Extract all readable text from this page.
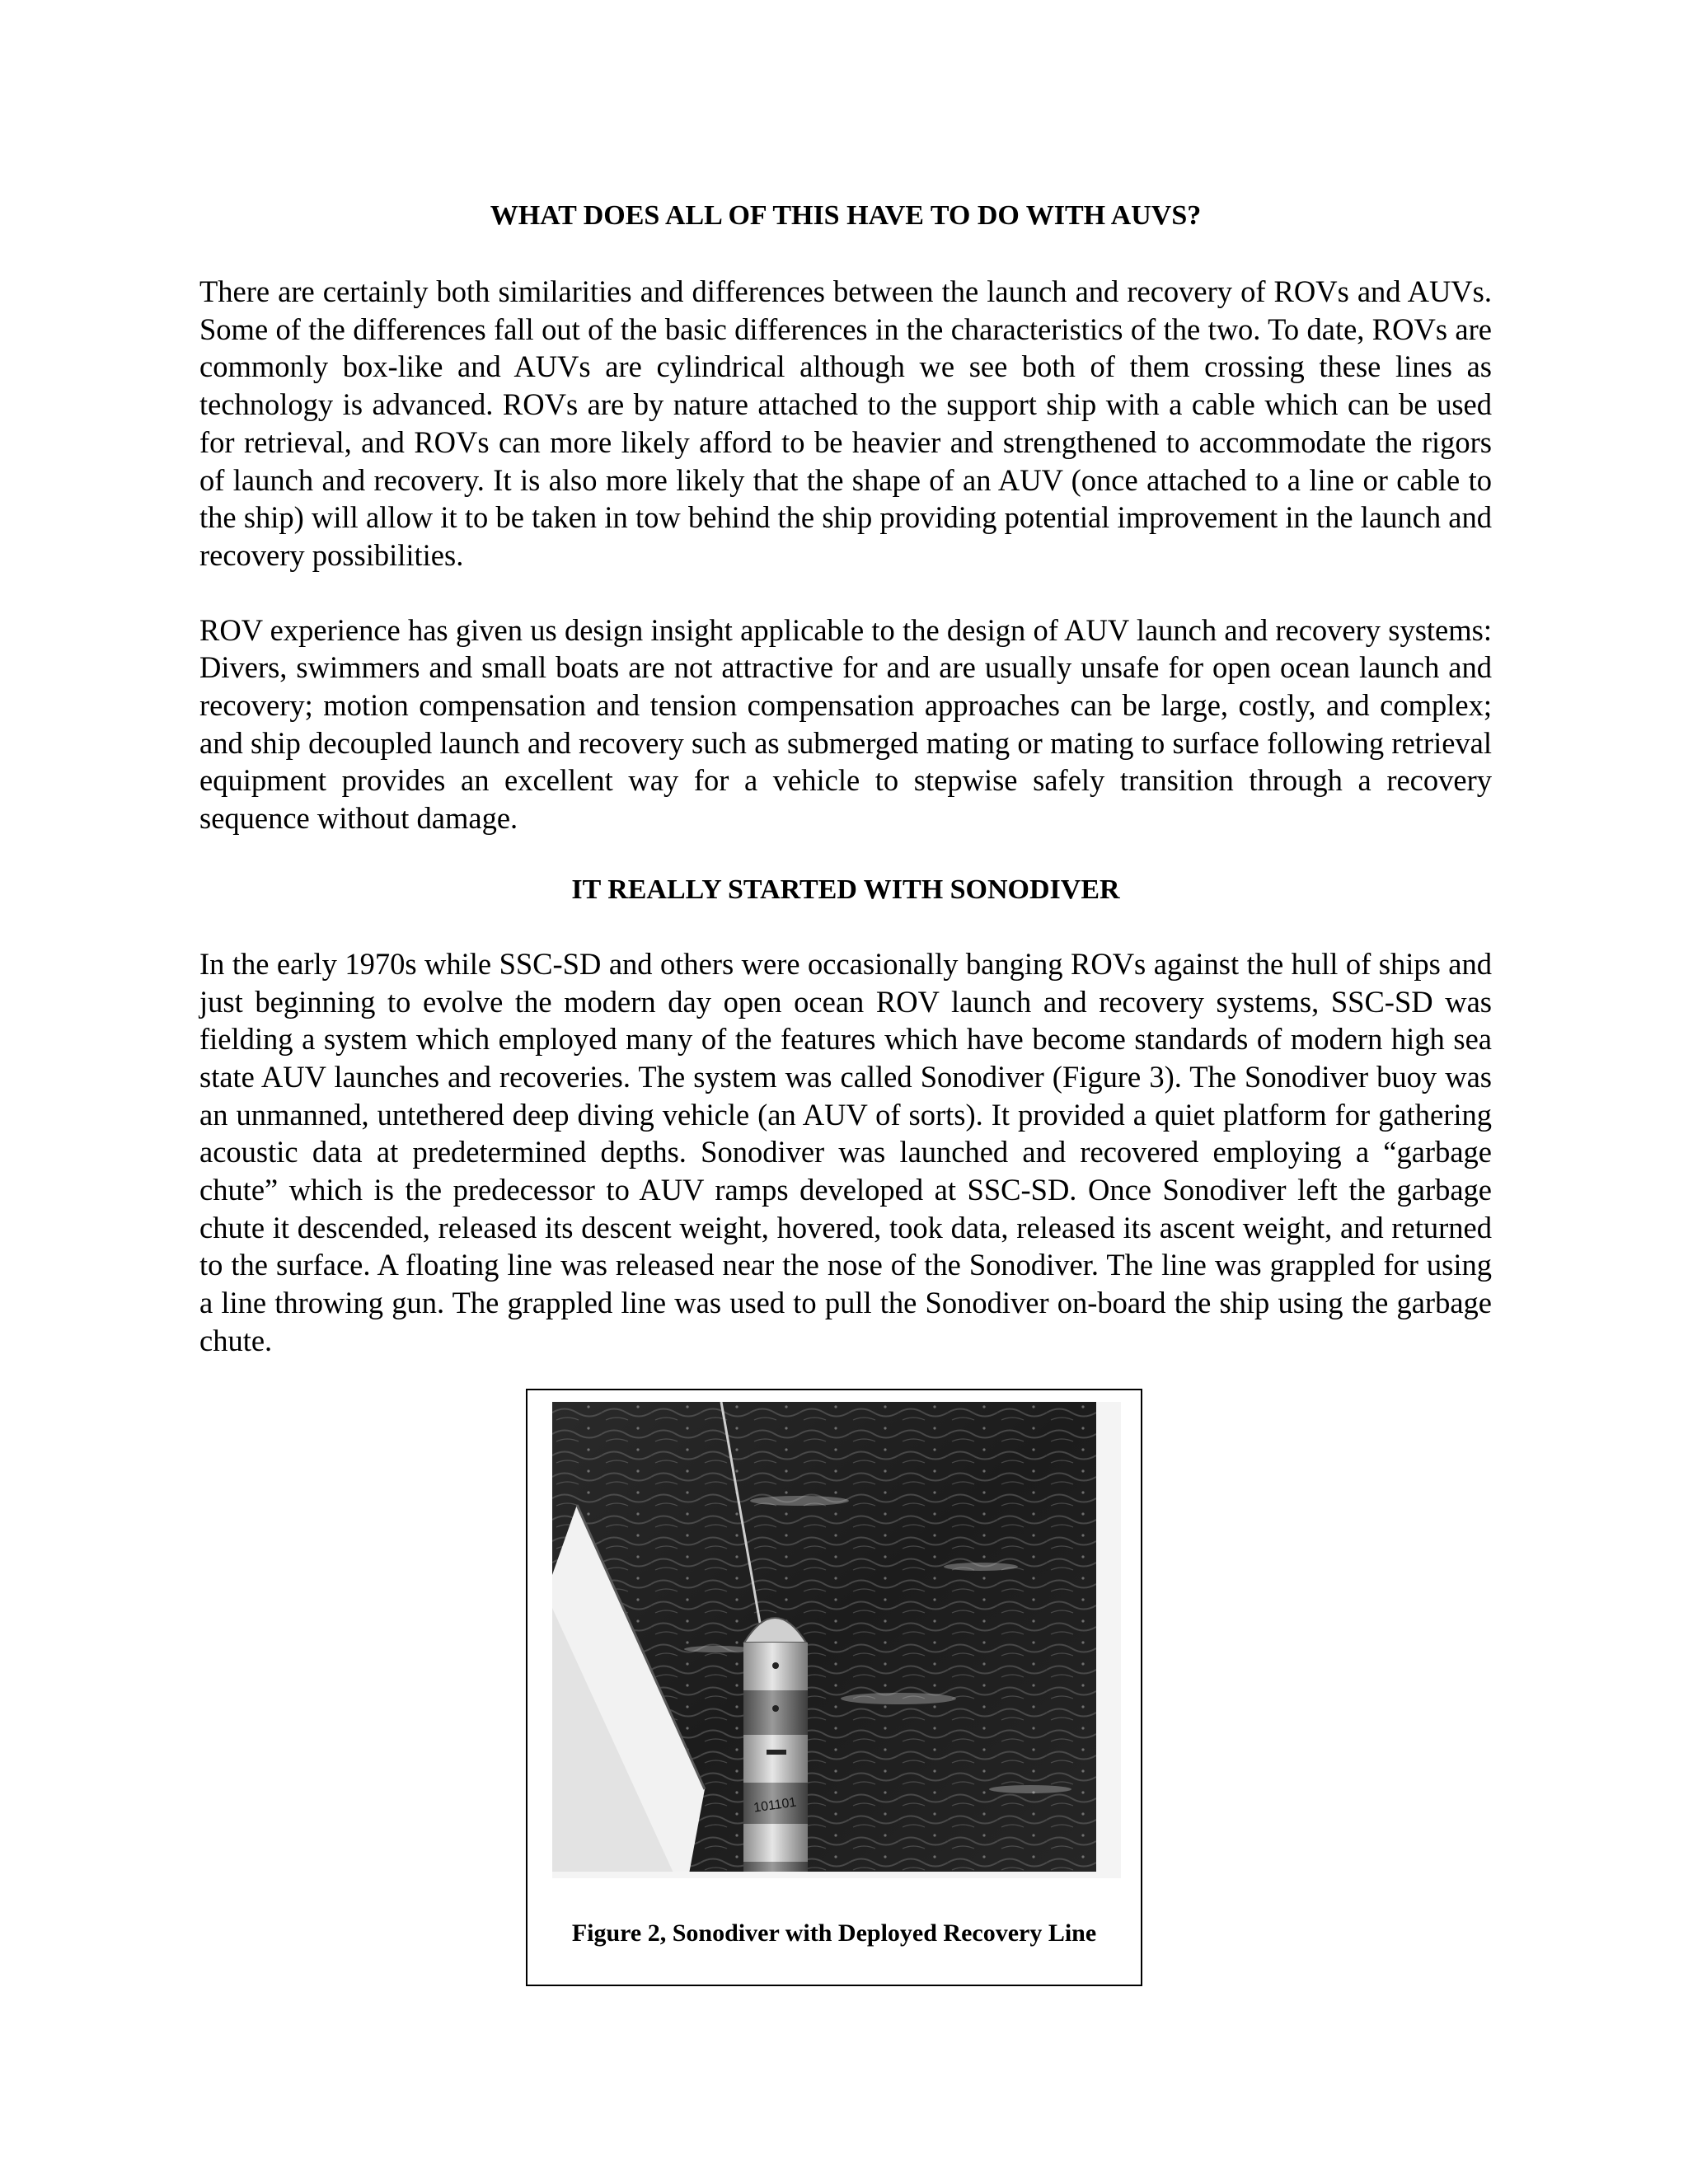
WHAT DOES ALL OF THIS HAVE TO DO WITH AUVS?

There are certainly both similarities and differences between the launch and recovery of ROVs and AUVs. Some of the differences fall out of the basic differences in the characteristics of the two. To date, ROVs are commonly box-like and AUVs are cylindrical although we see both of them crossing these lines as technology is advanced. ROVs are by nature attached to the support ship with a cable which can be used for retrieval, and ROVs can more likely afford to be heavier and strengthened to accommodate the rigors of launch and recovery. It is also more likely that the shape of an AUV (once attached to a line or cable to the ship) will allow it to be taken in tow behind the ship providing potential improvement in the launch and recovery possibilities.

ROV experience has given us design insight applicable to the design of AUV launch and recovery systems: Divers, swimmers and small boats are not attractive for and are usually unsafe for open ocean launch and recovery; motion compensation and tension compensation approaches can be large, costly, and complex; and ship decoupled launch and recovery such as submerged mating or mating to surface following retrieval equipment provides an excellent way for a vehicle to stepwise safely transition through a recovery sequence without damage.

IT REALLY STARTED WITH SONODIVER

In the early 1970s while SSC-SD and others were occasionally banging ROVs against the hull of ships and just beginning to evolve the modern day open ocean ROV launch and recovery systems, SSC-SD was fielding a system which employed many of the features which have become standards of modern high sea state AUV launches and recoveries. The system was called Sonodiver (Figure 3). The Sonodiver buoy was an unmanned, untethered deep diving vehicle (an AUV of sorts). It provided a quiet platform for gathering acoustic data at predetermined depths. Sonodiver was launched and recovered employing a “garbage chute” which is the predecessor to AUV ramps developed at SSC-SD. Once Sonodiver left the garbage chute it descended, released its descent weight, hovered, took data, released its ascent weight, and returned to the surface. A floating line was released near the nose of the Sonodiver. The line was grappled for using a line throwing gun. The grappled line was used to pull the Sonodiver on-board the ship using the garbage chute.

101101
Figure 2, Sonodiver with Deployed Recovery Line
